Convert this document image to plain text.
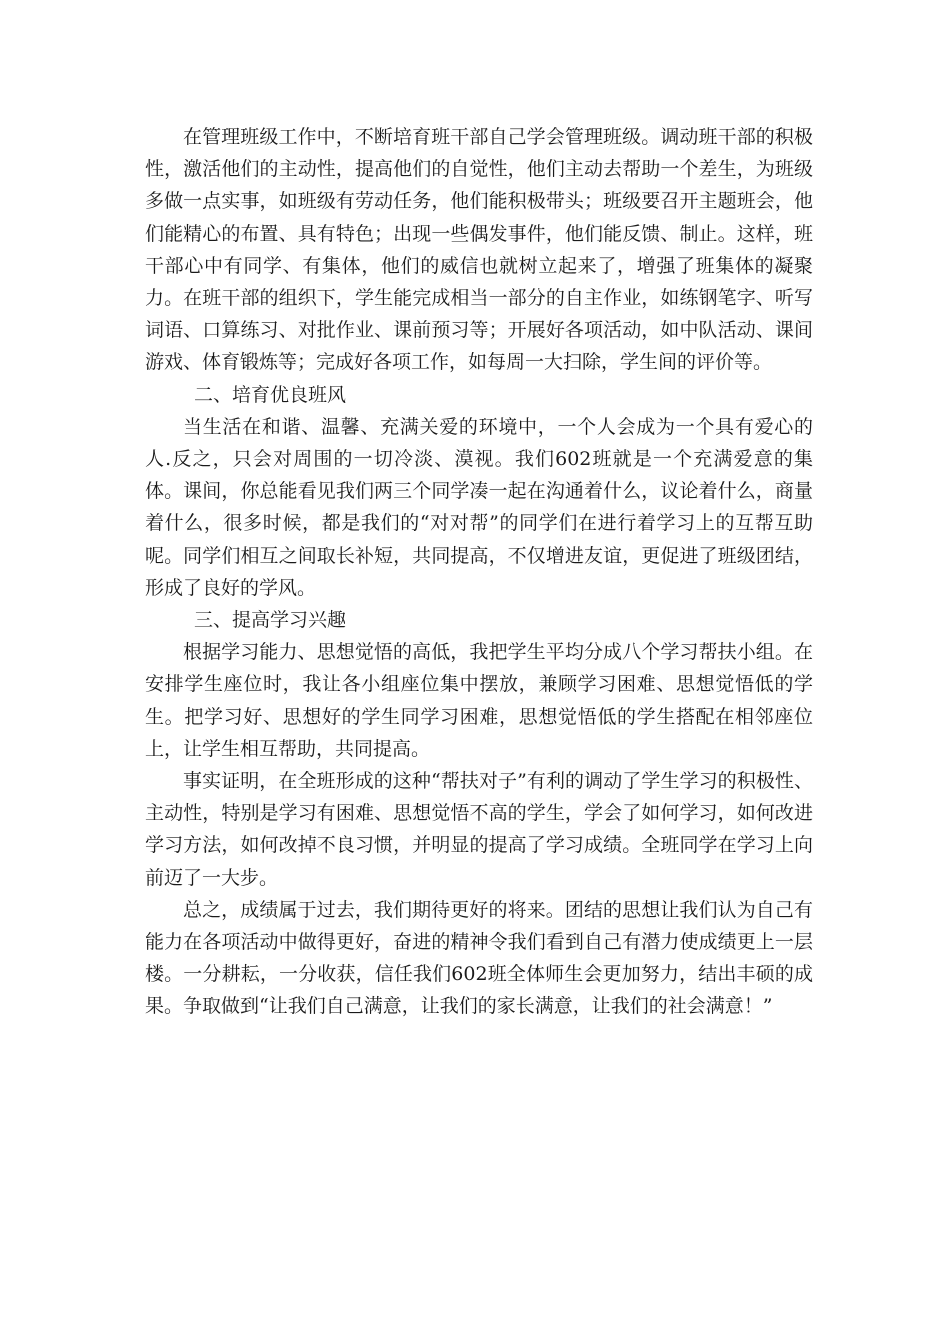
在管理班级工作中，不断培育班干部自己学会管理班级。调动班干部的积极性，激活他们的主动性，提高他们的自觉性，他们主动去帮助一个差生，为班级多做一点实事，如班级有劳动任务，他们能积极带头；班级要召开主题班会，他们能精心的布置、具有特色；出现一些偶发事件，他们能反馈、制止。这样，班干部心中有同学、有集体，他们的威信也就树立起来了，增强了班集体的凝聚力。在班干部的组织下，学生能完成相当一部分的自主作业，如练钢笔字、听写词语、口算练习、对批作业、课前预习等；开展好各项活动，如中队活动、课间游戏、体育锻炼等；完成好各项工作，如每周一大扫除，学生间的评价等。

二、培育优良班风

当生活在和谐、温馨、充满关爱的环境中，一个人会成为一个具有爱心的人.反之，只会对周围的一切冷淡、漠视。我们602班就是一个充满爱意的集体。课间，你总能看见我们两三个同学凑一起在沟通着什么，议论着什么，商量着什么，很多时候，都是我们的“对对帮”的同学们在进行着学习上的互帮互助呢。同学们相互之间取长补短，共同提高，不仅增进友谊，更促进了班级团结，形成了良好的学风。

三、提高学习兴趣

根据学习能力、思想觉悟的高低，我把学生平均分成八个学习帮扶小组。在安排学生座位时，我让各小组座位集中摆放，兼顾学习困难、思想觉悟低的学生。把学习好、思想好的学生同学习困难，思想觉悟低的学生搭配在相邻座位上，让学生相互帮助，共同提高。

事实证明，在全班形成的这种“帮扶对子”有利的调动了学生学习的积极性、主动性，特别是学习有困难、思想觉悟不高的学生，学会了如何学习，如何改进学习方法，如何改掉不良习惯，并明显的提高了学习成绩。全班同学在学习上向前迈了一大步。

总之，成绩属于过去，我们期待更好的将来。团结的思想让我们认为自己有能力在各项活动中做得更好，奋进的精神令我们看到自己有潜力使成绩更上一层楼。一分耕耘，一分收获，信任我们602班全体师生会更加努力，结出丰硕的成果。争取做到“让我们自己满意，让我们的家长满意，让我们的社会满意！”
